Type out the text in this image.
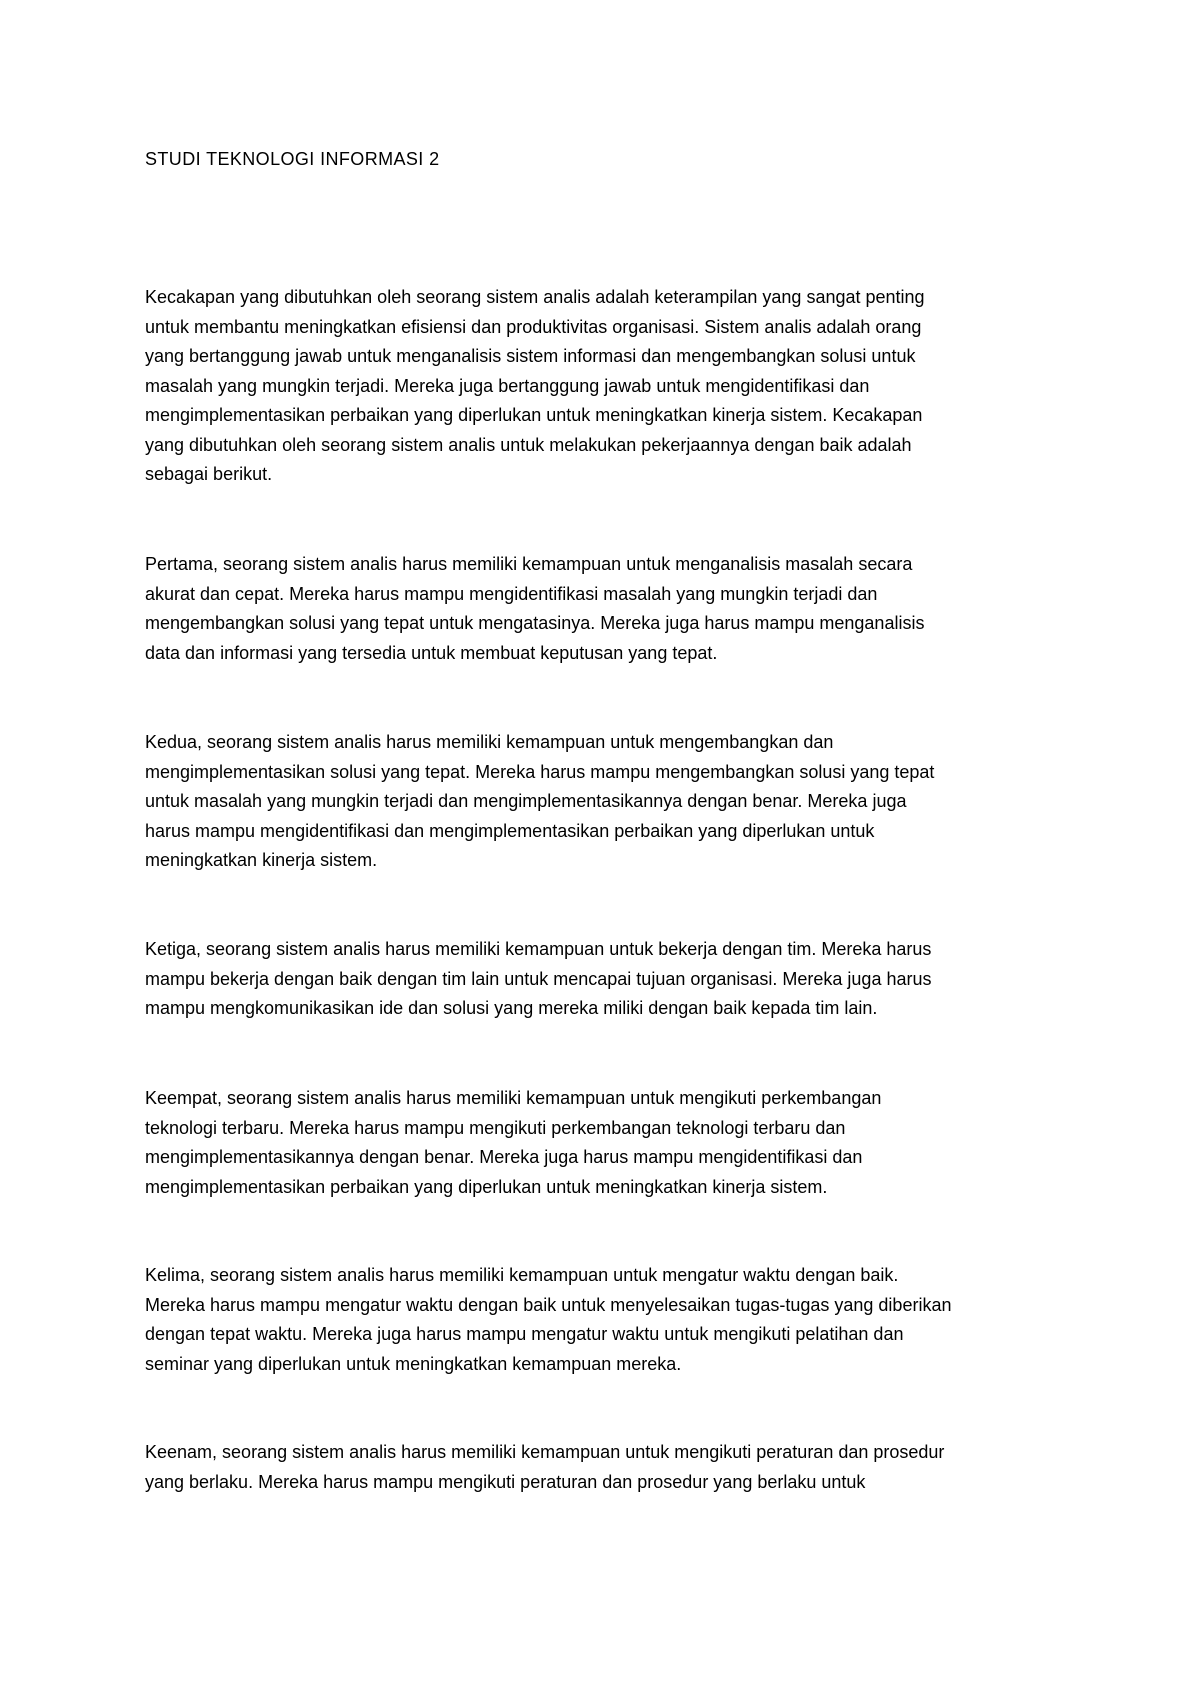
STUDI TEKNOLOGI INFORMASI 2
Kecakapan yang dibutuhkan oleh seorang sistem analis adalah keterampilan yang sangat penting
untuk membantu meningkatkan efisiensi dan produktivitas organisasi. Sistem analis adalah orang
yang bertanggung jawab untuk menganalisis sistem informasi dan mengembangkan solusi untuk
masalah yang mungkin terjadi. Mereka juga bertanggung jawab untuk mengidentifikasi dan
mengimplementasikan perbaikan yang diperlukan untuk meningkatkan kinerja sistem. Kecakapan
yang dibutuhkan oleh seorang sistem analis untuk melakukan pekerjaannya dengan baik adalah
sebagai berikut.
Pertama, seorang sistem analis harus memiliki kemampuan untuk menganalisis masalah secara
akurat dan cepat. Mereka harus mampu mengidentifikasi masalah yang mungkin terjadi dan
mengembangkan solusi yang tepat untuk mengatasinya. Mereka juga harus mampu menganalisis
data dan informasi yang tersedia untuk membuat keputusan yang tepat.
Kedua, seorang sistem analis harus memiliki kemampuan untuk mengembangkan dan
mengimplementasikan solusi yang tepat. Mereka harus mampu mengembangkan solusi yang tepat
untuk masalah yang mungkin terjadi dan mengimplementasikannya dengan benar. Mereka juga
harus mampu mengidentifikasi dan mengimplementasikan perbaikan yang diperlukan untuk
meningkatkan kinerja sistem.
Ketiga, seorang sistem analis harus memiliki kemampuan untuk bekerja dengan tim. Mereka harus
mampu bekerja dengan baik dengan tim lain untuk mencapai tujuan organisasi. Mereka juga harus
mampu mengkomunikasikan ide dan solusi yang mereka miliki dengan baik kepada tim lain.
Keempat, seorang sistem analis harus memiliki kemampuan untuk mengikuti perkembangan
teknologi terbaru. Mereka harus mampu mengikuti perkembangan teknologi terbaru dan
mengimplementasikannya dengan benar. Mereka juga harus mampu mengidentifikasi dan
mengimplementasikan perbaikan yang diperlukan untuk meningkatkan kinerja sistem.
Kelima, seorang sistem analis harus memiliki kemampuan untuk mengatur waktu dengan baik.
Mereka harus mampu mengatur waktu dengan baik untuk menyelesaikan tugas-tugas yang diberikan
dengan tepat waktu. Mereka juga harus mampu mengatur waktu untuk mengikuti pelatihan dan
seminar yang diperlukan untuk meningkatkan kemampuan mereka.
Keenam, seorang sistem analis harus memiliki kemampuan untuk mengikuti peraturan dan prosedur
yang berlaku. Mereka harus mampu mengikuti peraturan dan prosedur yang berlaku untuk
